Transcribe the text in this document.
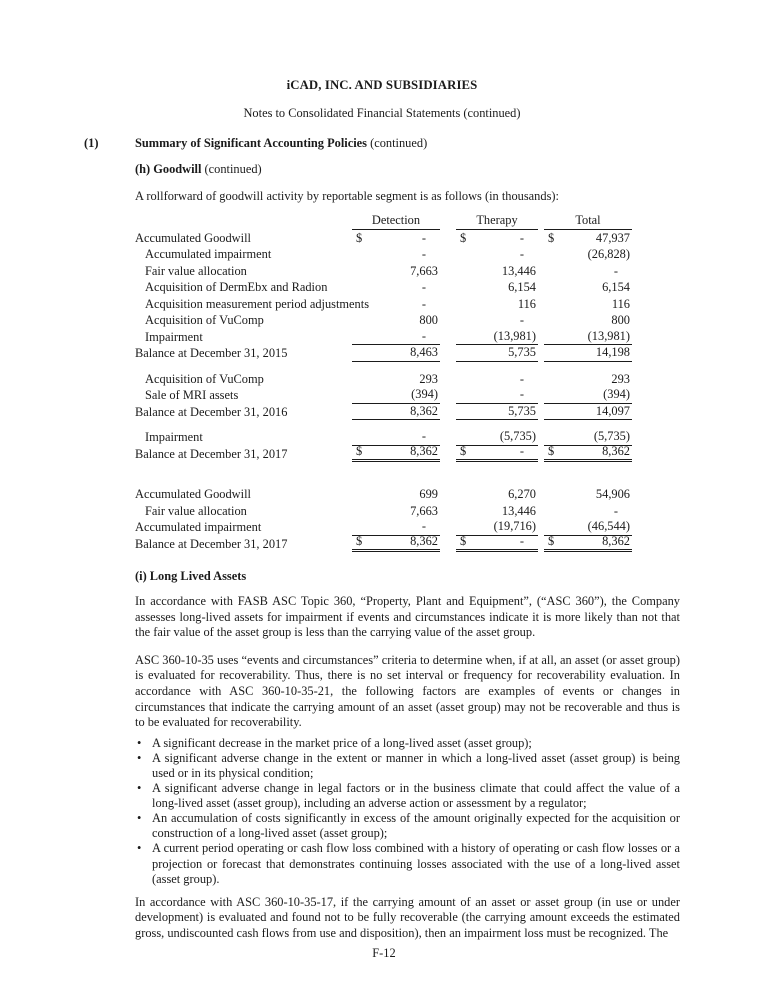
iCAD, INC. AND SUBSIDIARIES
Notes to Consolidated Financial Statements (continued)
(1)	Summary of Significant Accounting Policies (continued)
(h) Goodwill (continued)
A rollforward of goodwill activity by reportable segment is as follows (in thousands):
Detection	Therapy	Total
Accumulated Goodwill	$	-	$	-	$	47,937
Accumulated impairment	-	-	(26,828)
Fair value allocation	7,663	13,446	-
Acquisition of DermEbx and Radion	-	6,154	6,154
Acquisition measurement period adjustments	-	116	116
Acquisition of VuComp	800	-	800
Impairment	-	(13,981)	(13,981)
Balance at December 31, 2015	8,463	5,735	14,198
Acquisition of VuComp	293	-	293
Sale of MRI assets	(394)	-	(394)
Balance at December 31, 2016	8,362	5,735	14,097
Impairment	-	(5,735)	(5,735)
Balance at December 31, 2017	$	8,362	$	-	$	8,362
Accumulated Goodwill	699	6,270	54,906
Fair value allocation	7,663	13,446	-
Accumulated impairment	-	(19,716)	(46,544)
Balance at December 31, 2017	$	8,362	$	-	$	8,362
(i) Long Lived Assets
In accordance with FASB ASC Topic 360, “Property, Plant and Equipment”, (“ASC 360”), the Company assesses long-lived assets for impairment if events and circumstances indicate it is more likely than not that the fair value of the asset group is less than the carrying value of the asset group.
ASC 360-10-35 uses “events and circumstances” criteria to determine when, if at all, an asset (or asset group) is evaluated for recoverability. Thus, there is no set interval or frequency for recoverability evaluation. In accordance with ASC 360-10-35-21, the following factors are examples of events or changes in circumstances that indicate the carrying amount of an asset (asset group) may not be recoverable and thus is to be evaluated for recoverability.
•
A significant decrease in the market price of a long-lived asset (asset group);
•
A significant adverse change in the extent or manner in which a long-lived asset (asset group) is being used or in its physical condition;
•
A significant adverse change in legal factors or in the business climate that could affect the value of a long-lived asset (asset group), including an adverse action or assessment by a regulator;
•
An accumulation of costs significantly in excess of the amount originally expected for the acquisition or construction of a long-lived asset (asset group);
•
A current period operating or cash flow loss combined with a history of operating or cash flow losses or a projection or forecast that demonstrates continuing losses associated with the use of a long-lived asset (asset group).
In accordance with ASC 360-10-35-17, if the carrying amount of an asset or asset group (in use or under development) is evaluated and found not to be fully recoverable (the carrying amount exceeds the estimated gross, undiscounted cash flows from use and disposition), then an impairment loss must be recognized. The
F-12
